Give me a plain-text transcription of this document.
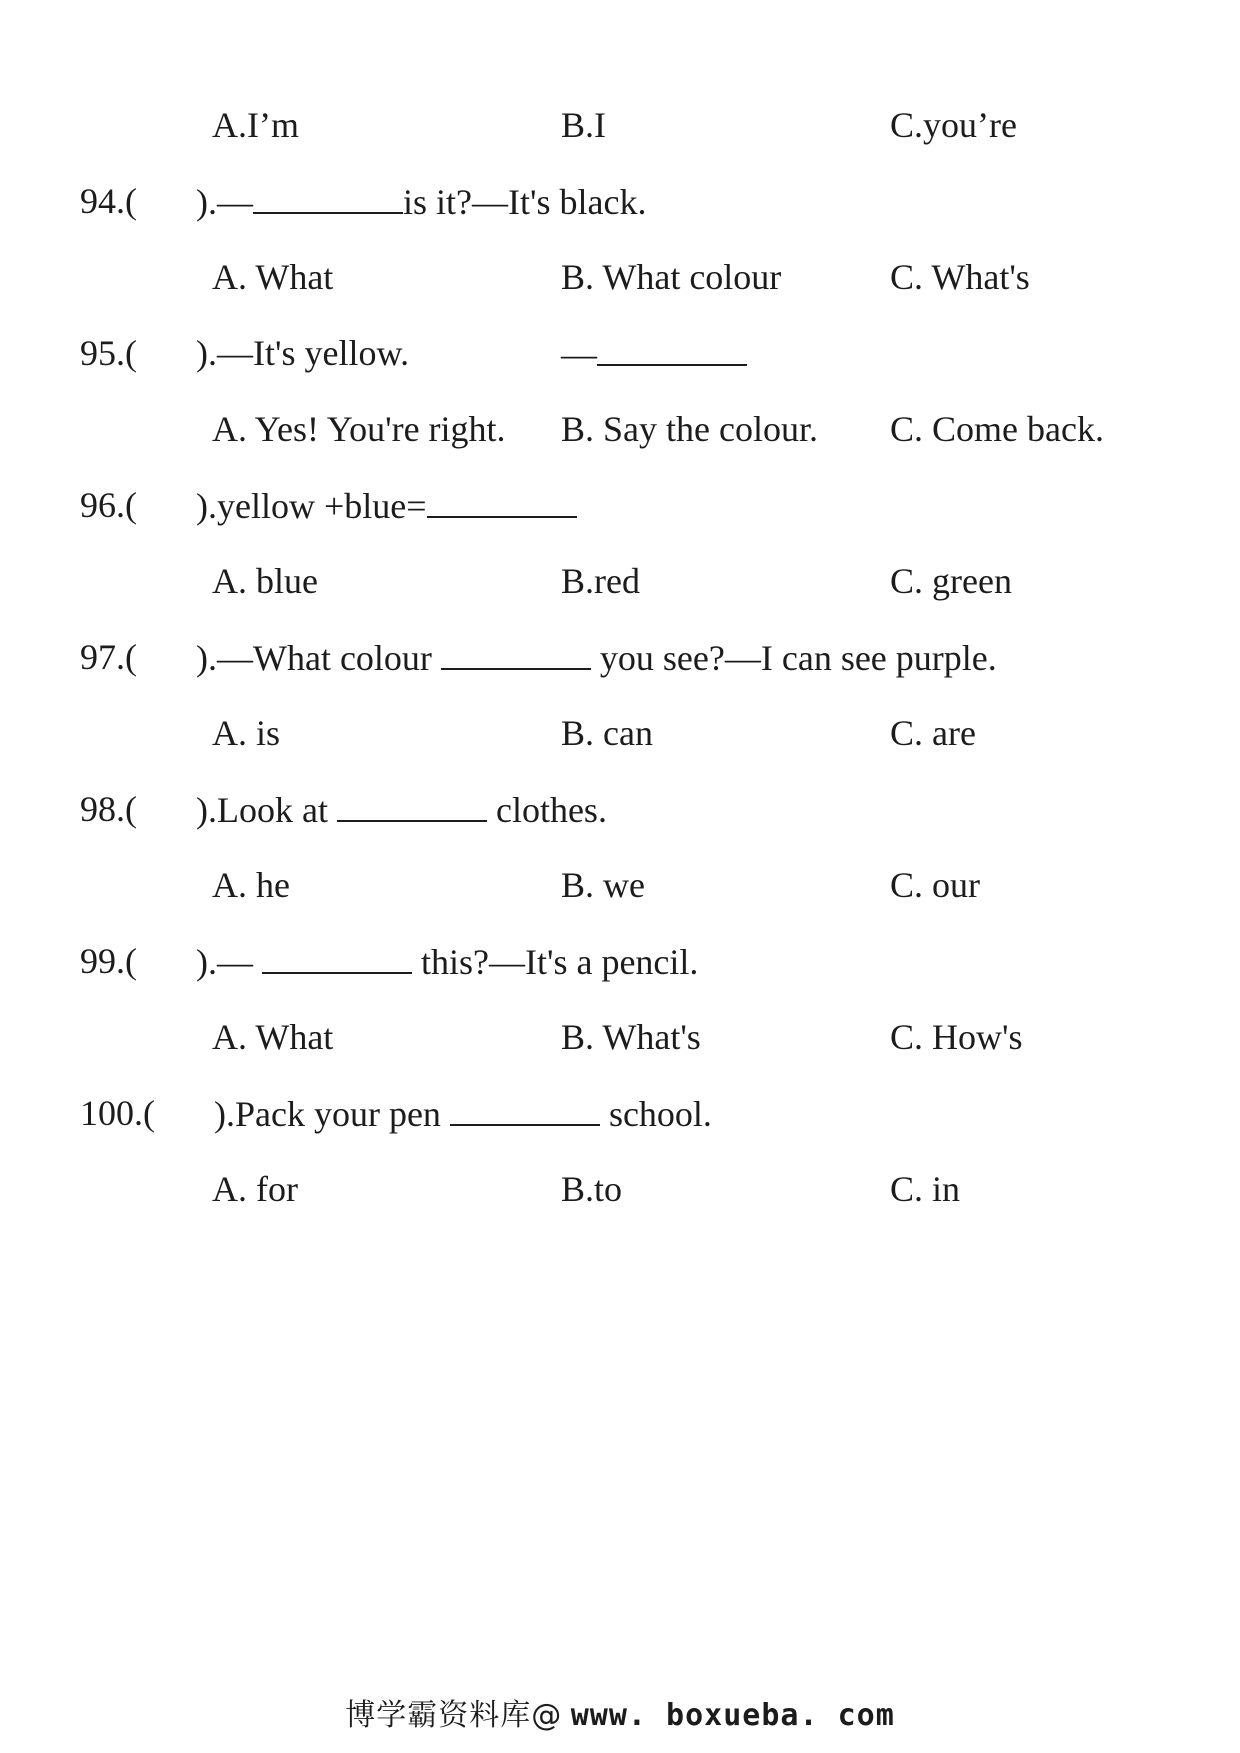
A.I’m	B.I	C.you’re
94.( ).—	is it?—It's black.
A. What	B. What colour	C. What's
95.( ).—It's yellow.	—
A. Yes! You're right. B. Say the colour. C. Come back.
96.( ).yellow +blue=
A. blue	B.red	C. green
97.( ).—What colour	you see?—I can see purple.
A. is	B. can	C. are
98.( ).Look at	clothes.
A. he	B. we	C. our
99.( ).—	this?—It's a pencil.
A. What	B. What's	C. How's
100.( ).Pack your pen	school.
A. for	B.to	C. in
博学霸资料库@ www. boxueba. com
